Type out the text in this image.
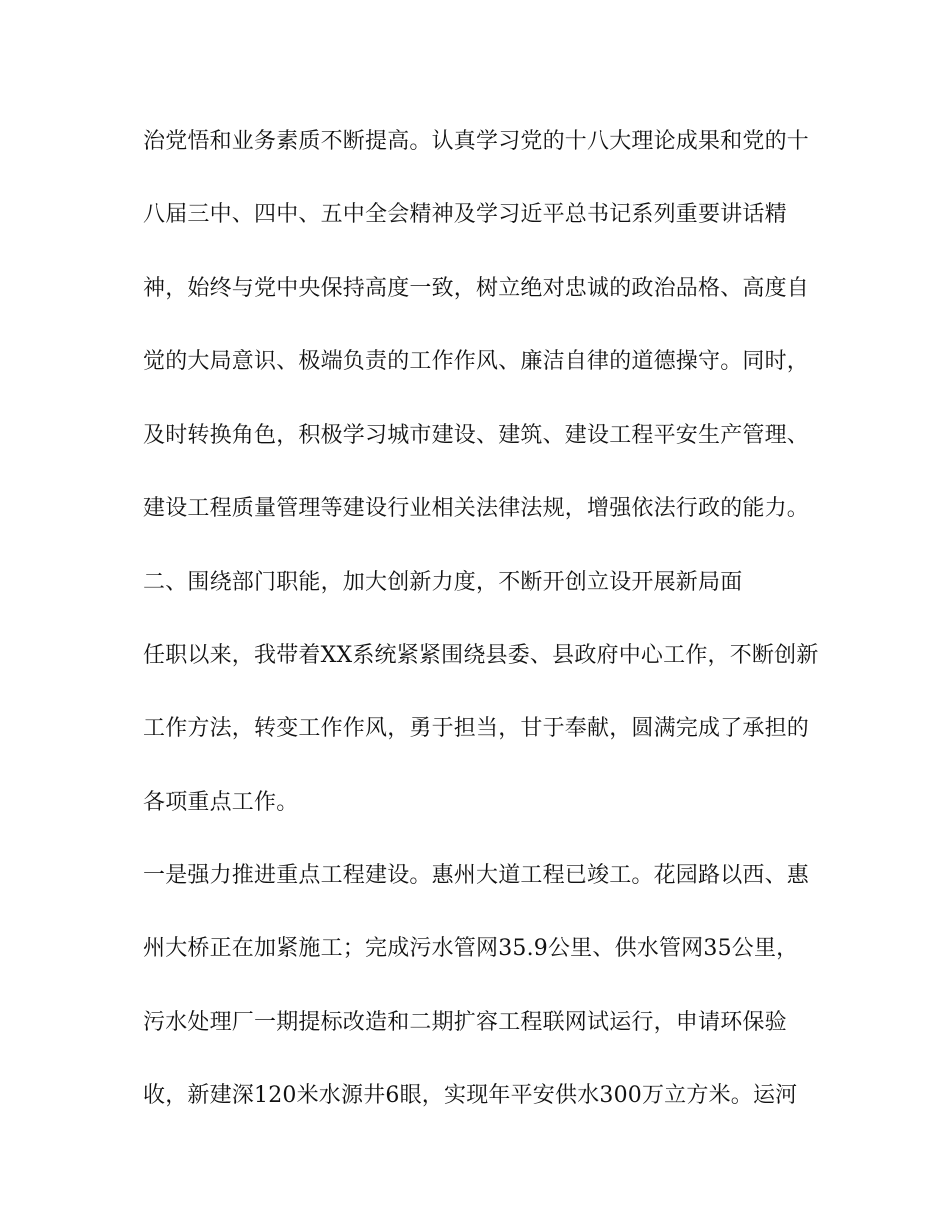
治党悟和业务素质不断提高。认真学习党的十八大理论成果和党的十

八届三中、四中、五中全会精神及学习近平总书记系列重要讲话精

神，始终与党中央保持高度一致，树立绝对忠诚的政治品格、高度自

觉的大局意识、极端负责的工作作风、廉洁自律的道德操守。同时，

及时转换角色，积极学习城市建设、建筑、建设工程平安生产管理、

建设工程质量管理等建设行业相关法律法规，增强依法行政的能力。

二、围绕部门职能，加大创新力度，不断开创立设开展新局面

任职以来，我带着XX系统紧紧围绕县委、县政府中心工作，不断创新

工作方法，转变工作作风，勇于担当，甘于奉献，圆满完成了承担的

各项重点工作。

一是强力推进重点工程建设。惠州大道工程已竣工。花园路以西、惠

州大桥正在加紧施工；完成污水管网35.9公里、供水管网35公里，

污水处理厂一期提标改造和二期扩容工程联网试运行，申请环保验

收，新建深120米水源井6眼，实现年平安供水300万立方米。运河
